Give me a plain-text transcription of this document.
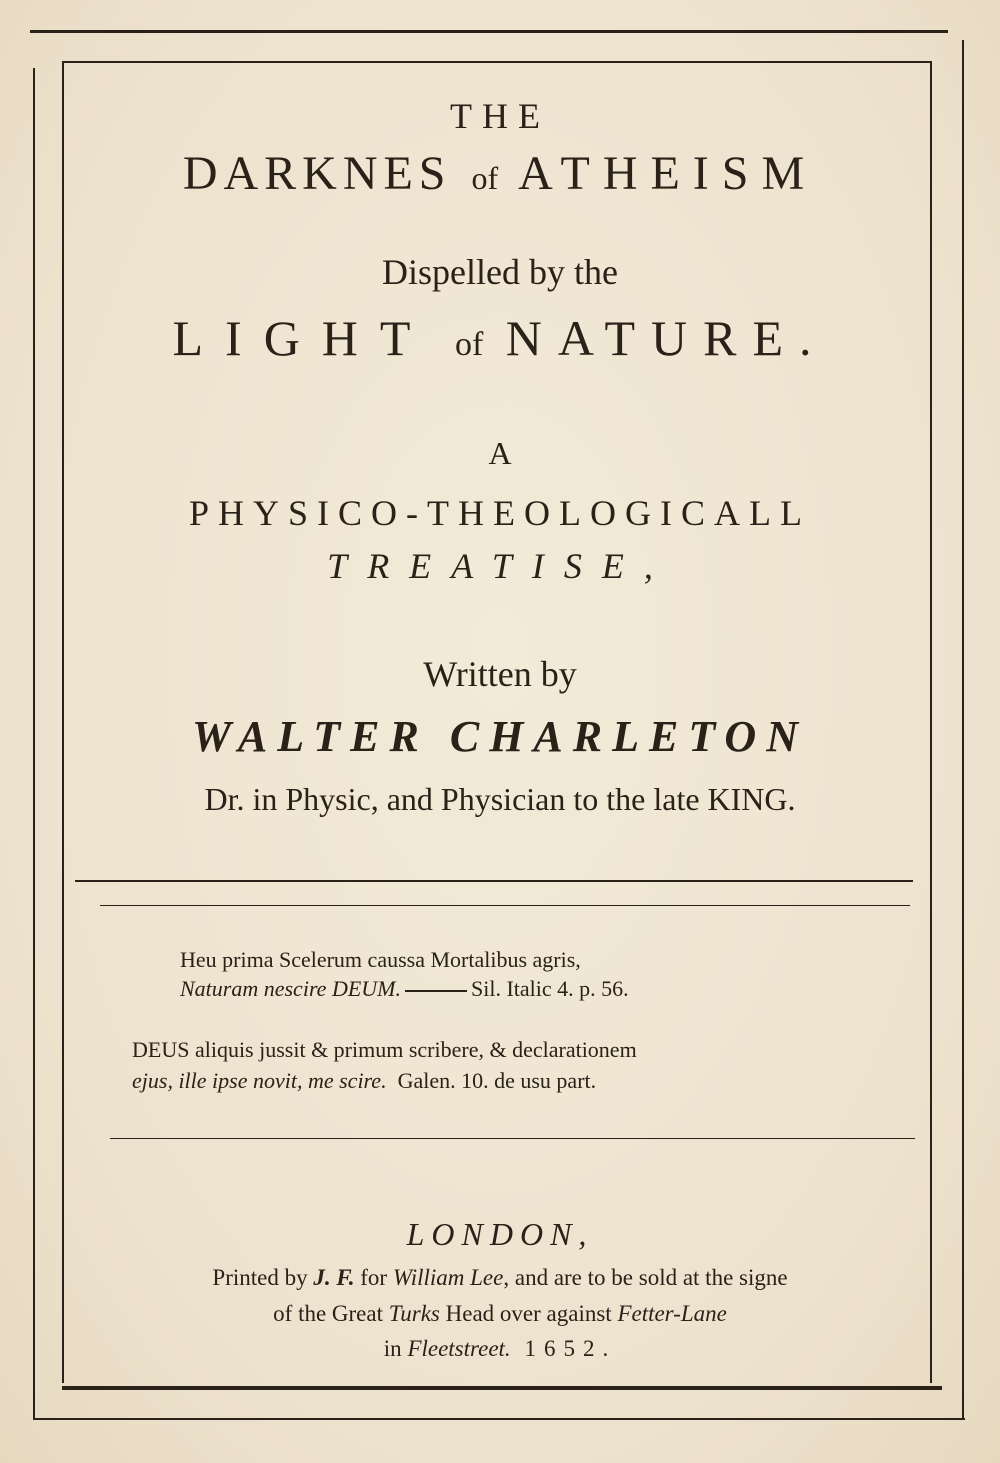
THE
DARKNES of ATHEISM
Dispelled by the
LIGHT of NATURE.
A
PHYSICO-THEOLOGICALL
TREATISE,
Written by
WALTER CHARLETON
Dr. in Physic, and Physician to the late KING.
Heu prima Scelerum caussa Mortalibus agris,
Naturam nescire DEUM.	Sil. Italic 4. p. 56.
DEUS aliquis jussit & primum scribere, & declarationem
ejus, ille ipse novit, me scire. Galen. 10. de usu part.
LONDON,
Printed by J. F. for William Lee, and are to be sold at the signe
of the Great Turks Head over against Fetter-Lane
in Fleetstreet. 1652.
